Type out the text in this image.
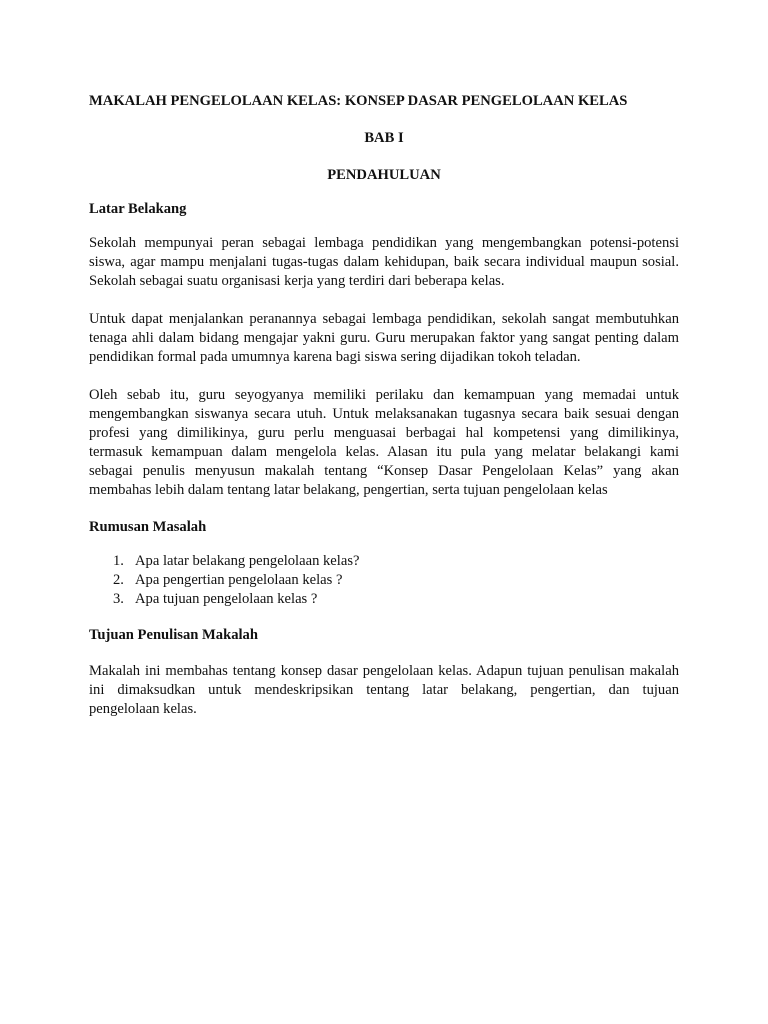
MAKALAH PENGELOLAAN KELAS: KONSEP DASAR PENGELOLAAN KELAS

BAB I

PENDAHULUAN

Latar Belakang

Sekolah mempunyai peran sebagai lembaga pendidikan yang mengembangkan potensi-potensi
siswa, agar mampu menjalani tugas-tugas dalam kehidupan, baik secara individual maupun sosial.
Sekolah sebagai suatu organisasi kerja yang terdiri dari beberapa kelas.

Untuk dapat menjalankan peranannya sebagai lembaga pendidikan, sekolah sangat membutuhkan
tenaga ahli dalam bidang mengajar yakni guru. Guru merupakan faktor yang sangat penting dalam
pendidikan formal pada umumnya karena bagi siswa sering dijadikan tokoh teladan.

Oleh sebab itu, guru seyogyanya memiliki perilaku dan kemampuan yang memadai untuk
mengembangkan siswanya secara utuh. Untuk melaksanakan tugasnya secara baik sesuai dengan
profesi yang dimilikinya, guru perlu menguasai berbagai hal kompetensi yang dimilikinya,
termasuk kemampuan dalam mengelola kelas. Alasan itu pula yang melatar belakangi kami
sebagai penulis menyusun makalah tentang “Konsep Dasar Pengelolaan Kelas” yang akan
membahas lebih dalam tentang latar belakang, pengertian, serta tujuan pengelolaan kelas

Rumusan Masalah

1. Apa latar belakang pengelolaan kelas?
2. Apa pengertian pengelolaan kelas ?
3. Apa tujuan pengelolaan kelas ?

Tujuan Penulisan Makalah

Makalah ini membahas tentang konsep dasar pengelolaan kelas. Adapun tujuan penulisan makalah
ini dimaksudkan untuk mendeskripsikan tentang latar belakang, pengertian, dan tujuan
pengelolaan kelas.
